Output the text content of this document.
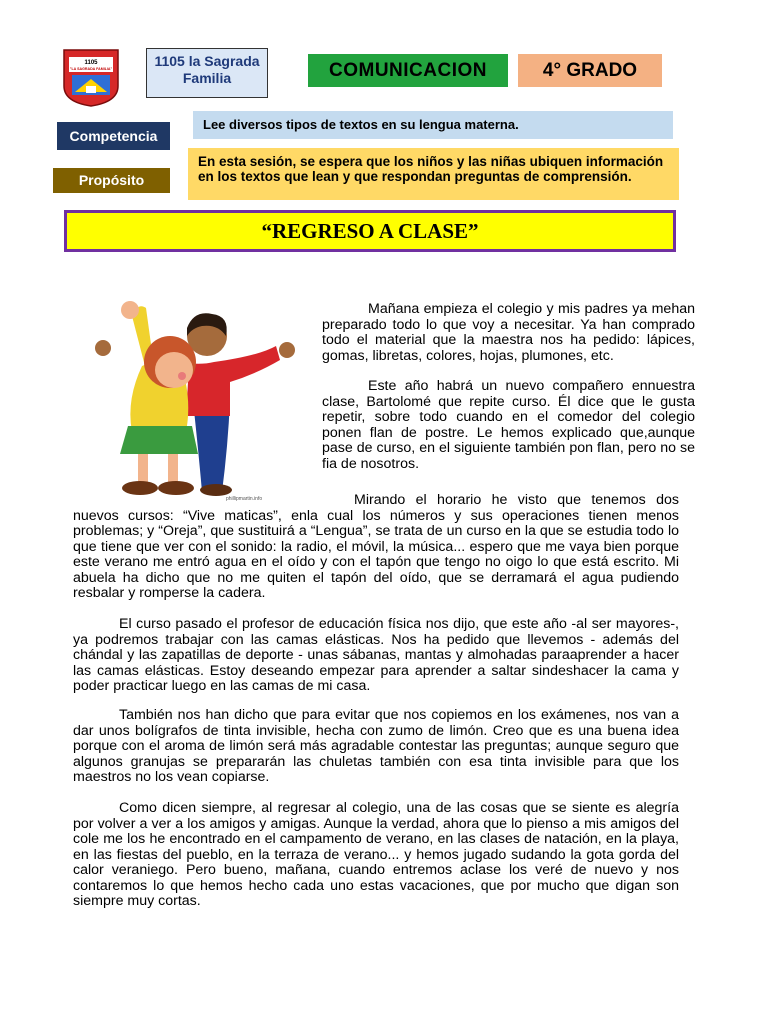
1105
"LA SAGRADA FAMILIA"	1105 la Sagrada Familia	COMUNICACION	4° GRADO
Competencia
Lee diversos tipos de textos en su lengua materna.
Propósito
En esta sesión, se espera que los niños y las niñas ubiquen información en los textos que lean y que respondan preguntas de comprensión.
“REGRESO A CLASE”
phillipmartin.info

Mañana empieza el colegio y mis padres ya mehan preparado todo lo que voy a necesitar. Ya han comprado todo el material que la maestra nos ha pedido: lápices, gomas, libretas, colores, hojas, plumones, etc.

Este año habrá un nuevo compañero ennuestra clase, Bartolomé que repite curso. Él dice que le gusta repetir, sobre todo cuando en el comedor del colegio ponen flan de postre. Le hemos explicado que,aunque pase de curso, en el siguiente también pon flan, pero no se fia de nosotros.

Mirando el horario he visto que tenemos dos nuevos cursos: “Vive maticas”, enla cual los números y sus operaciones tienen menos problemas; y “Oreja”, que sustituirá a “Lengua”, se trata de un curso en la que se estudia todo lo que tiene que ver con el sonido: la radio, el móvil, la música... espero que me vaya bien porque este verano me entró agua en el oído y con el tapón que tengo no oigo lo que está escrito. Mi abuela ha dicho que no me quiten el tapón del oído, que se derramará el agua pudiendo resbalar y romperse la cadera.

El curso pasado el profesor de educación física nos dijo, que este año -al ser mayores-, ya podremos trabajar con las camas elásticas. Nos ha pedido que llevemos - además del chándal y las zapatillas de deporte - unas sábanas, mantas y almohadas paraaprender a hacer las camas elásticas. Estoy deseando empezar para aprender a saltar sindeshacer la cama y poder practicar luego en las camas de mi casa.

También nos han dicho que para evitar que nos copiemos en los exámenes, nos van a dar unos bolígrafos de tinta invisible, hecha con zumo de limón. Creo que es una buena idea porque con el aroma de limón será más agradable contestar las preguntas; aunque seguro que algunos granujas se prepararán las chuletas también con esa tinta invisible para que los maestros no los vean copiarse.

Como dicen siempre, al regresar al colegio, una de las cosas que se siente es alegría por volver a ver a los amigos y amigas. Aunque la verdad, ahora que lo pienso a mis amigos del cole me los he encontrado en el campamento de verano, en las clases de natación, en la playa, en las fiestas del pueblo, en la terraza de verano... y hemos jugado sudando la gota gorda del calor veraniego. Pero bueno, mañana, cuando entremos aclase los veré de nuevo y nos contaremos lo que hemos hecho cada uno estas vacaciones, que por mucho que digan son siempre muy cortas.
